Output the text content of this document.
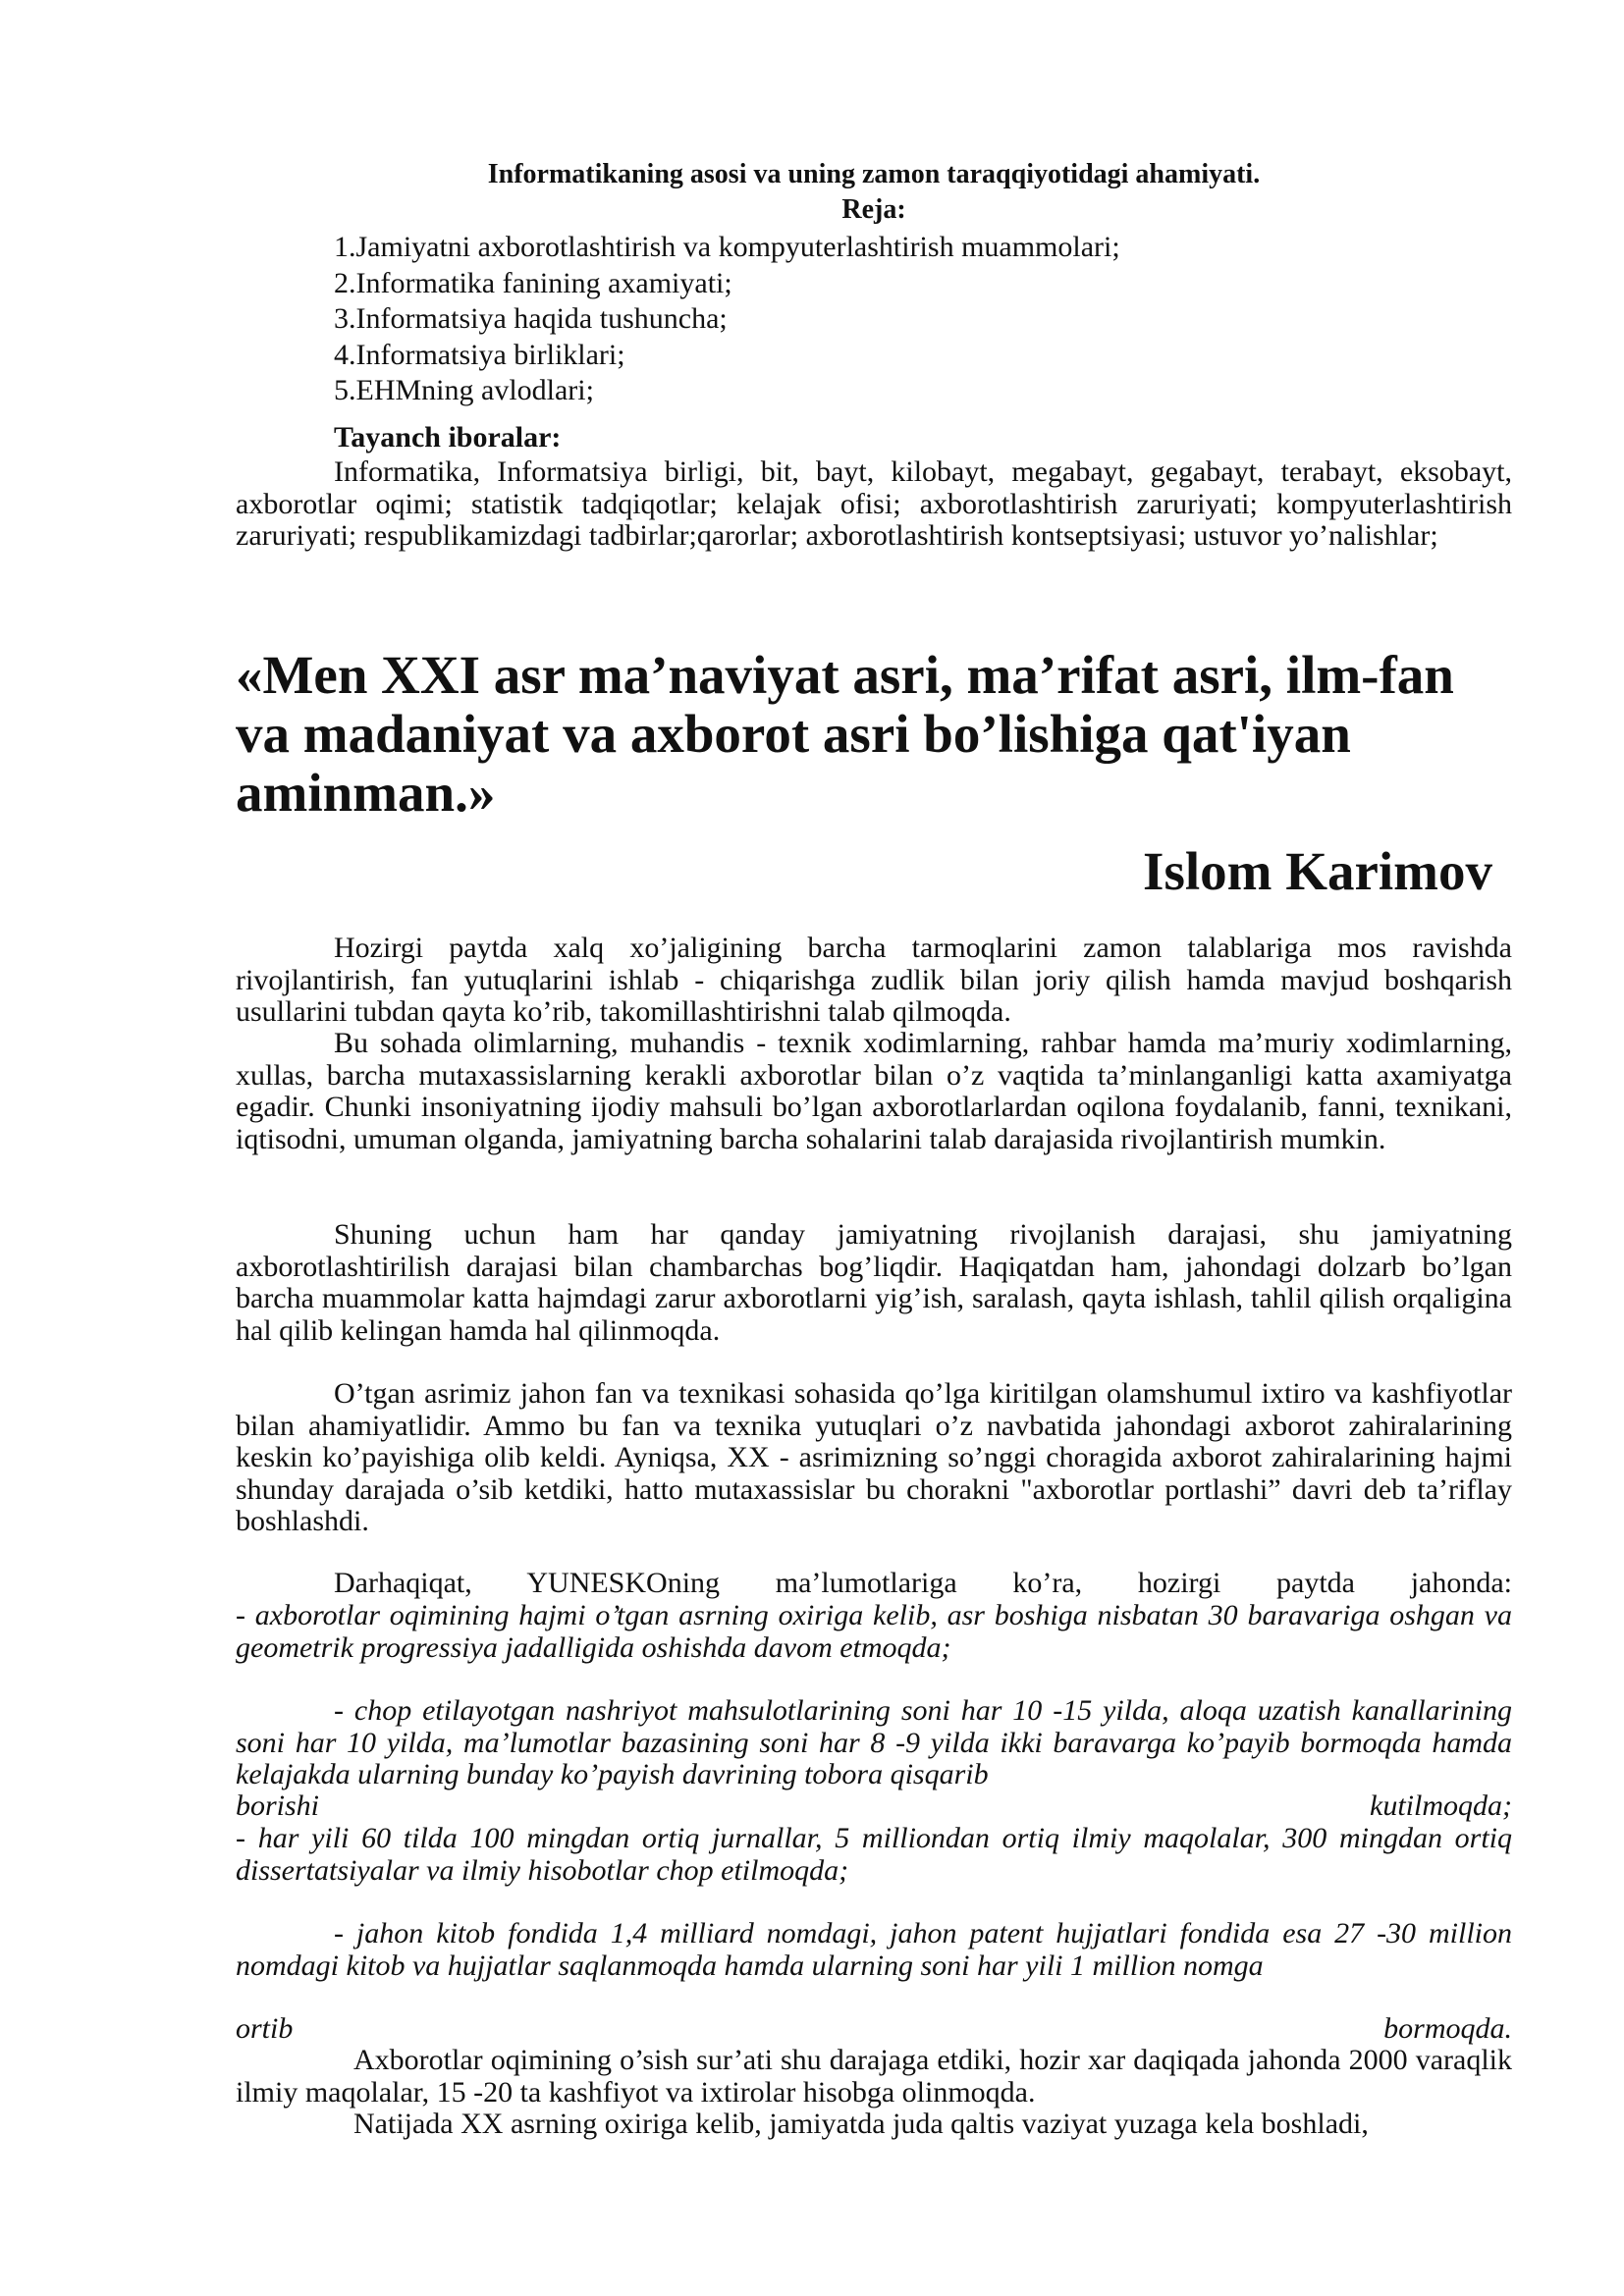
Informatikaning asosi va uning zamon taraqqiyotidagi ahamiyati.
Reja:
1.Jamiyatni axborotlashtirish va kompyuterlashtirish muammolari;
2.Informatika fanining axamiyati;
3.Informatsiya haqida tushuncha;
4.Informatsiya birliklari;
5.EHMning avlodlari;
Tayanch iboralar:

Informatika, Informatsiya birligi, bit, bayt, kilobayt, megabayt, gegabayt, terabayt, eksobayt, axborotlar oqimi; statistik tadqiqotlar; kelajak ofisi; axborotlashtirish zaruriyati; kompyuterlashtirish zaruriyati; respublikamizdagi tadbirlar;qarorlar; axborotlashtirish kontseptsiyasi; ustuvor yo’nalishlar;

«Men XXI asr ma’naviyat asri, ma’rifat asri, ilm-fan va madaniyat va axborot asri bo’lishiga qat'iyan aminman.»
Islom Karimov

Hozirgi paytda xalq xo’jaligining barcha tarmoqlarini zamon talablariga mos ravishda rivojlantirish, fan yutuqlarini ishlab - chiqarishga zudlik bilan joriy qilish hamda mavjud boshqarish usullarini tubdan qayta ko’rib, takomillashtirishni talab qilmoqda.

Bu sohada olimlarning, muhandis - texnik xodimlarning, rahbar hamda ma’muriy xodimlarning, xullas, barcha mutaxassislarning kerakli axborotlar bilan o’z vaqtida ta’minlanganligi katta axamiyatga egadir. Chunki insoniyatning ijodiy mahsuli bo’lgan axborotlarlardan oqilona foydalanib, fanni, texnikani, iqtisodni, umuman olganda, jamiyatning barcha sohalarini talab darajasida rivojlantirish mumkin.

Shuning uchun ham har qanday jamiyatning rivojlanish darajasi, shu jamiyatning axborotlashtirilish darajasi bilan chambarchas bog’liqdir. Haqiqatdan ham, jahondagi dolzarb bo’lgan barcha muammolar katta hajmdagi zarur axborotlarni yig’ish, saralash, qayta ishlash, tahlil qilish orqaligina hal qilib kelingan hamda hal qilinmoqda.

O’tgan asrimiz jahon fan va texnikasi sohasida qo’lga kiritilgan olamshumul ixtiro va kashfiyotlar bilan ahamiyatlidir. Ammo bu fan va texnika yutuqlari o’z navbatida jahondagi axborot zahiralarining keskin ko’payishiga olib keldi. Ayniqsa, XX - asrimizning so’nggi choragida axborot zahiralarining hajmi shunday darajada o’sib ketdiki, hatto mutaxassislar bu chorakni "axborotlar portlashi” davri deb ta’riflay boshlashdi.

Darhaqiqat, YUNESKOning ma’lumotlariga ko’ra, hozirgi paytda jahonda:

- axborotlar oqimining hajmi o’tgan asrning oxiriga kelib, asr boshiga nisbatan 30 baravariga oshgan va geometrik progressiya jadalligida oshishda davom etmoqda;

- chop etilayotgan nashriyot mahsulotlarining soni har 10 -15 yilda, aloqa uzatish kanallarining soni har 10 yilda, ma’lumotlar bazasining soni har 8 -9 yilda ikki baravarga ko’payib bormoqda hamda kelajakda ularning bunday ko’payish davrining tobora qisqarib

borishi kutilmoqda;

- har yili 60 tilda 100 mingdan ortiq jurnallar, 5 milliondan ortiq ilmiy maqolalar, 300 mingdan ortiq dissertatsiyalar va ilmiy hisobotlar chop etilmoqda;

- jahon kitob fondida 1,4 milliard nomdagi, jahon patent hujjatlari fondida esa 27 -30 million nomdagi kitob va hujjatlar saqlanmoqda hamda ularning soni har yili 1 million nomga

ortib bormoqda.

Axborotlar oqimining o’sish sur’ati shu darajaga etdiki, hozir xar daqiqada jahonda 2000 varaqlik ilmiy maqolalar, 15 -20 ta kashfiyot va ixtirolar hisobga olinmoqda.

Natijada XX asrning oxiriga kelib, jamiyatda juda qaltis vaziyat yuzaga kela boshladi,
